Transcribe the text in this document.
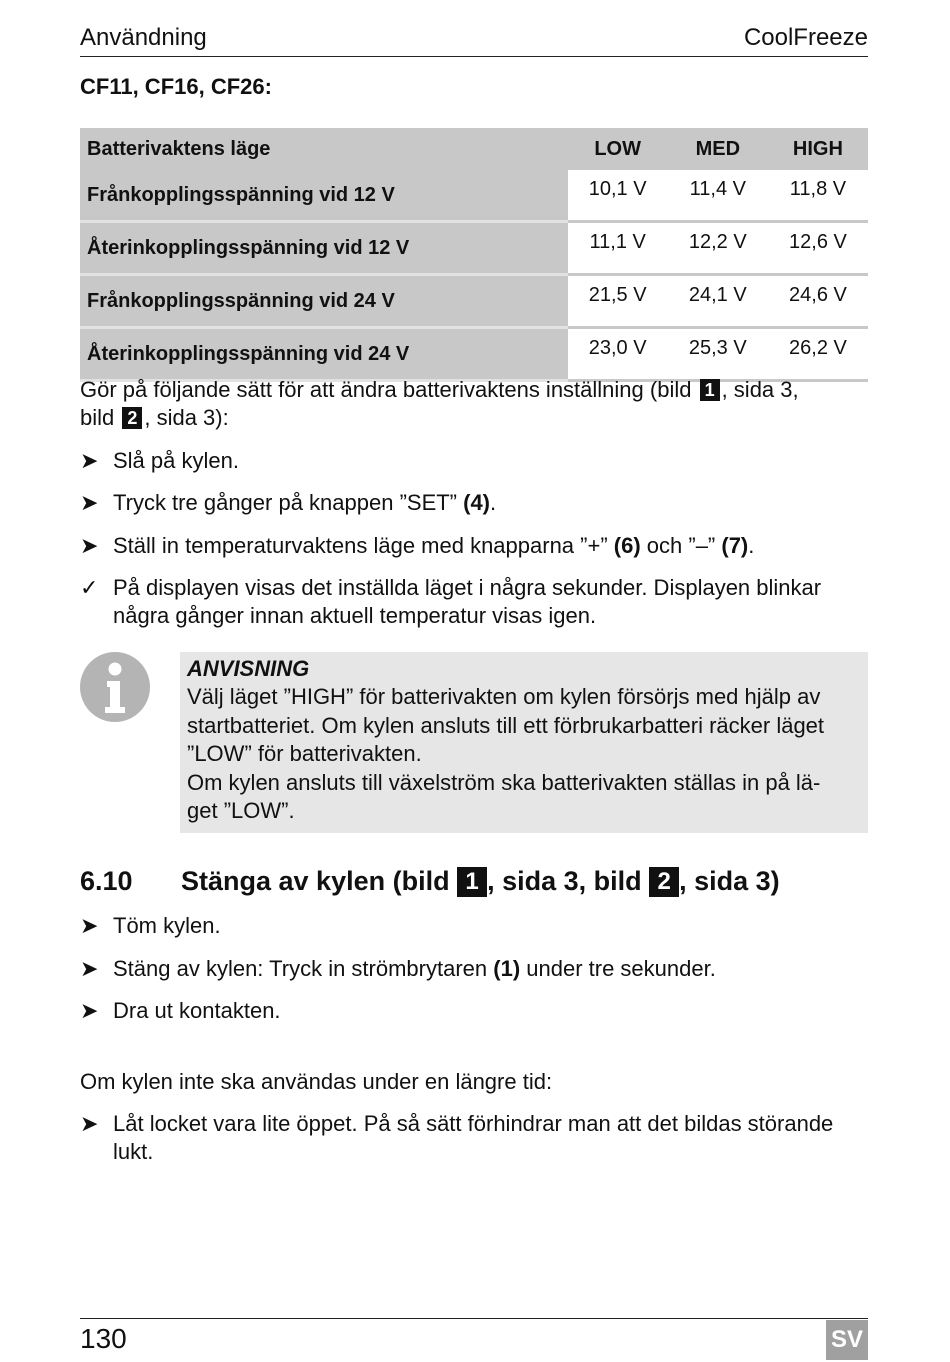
Användning	CoolFreeze
CF11, CF16, CF26:
Batterivaktens läge	LOW	MED	HIGH
Frånkopplingsspänning vid 12 V	10,1 V	11,4 V	11,8 V
Återinkopplingsspänning vid 12 V	11,1 V	12,2 V	12,6 V
Frånkopplingsspänning vid 24 V	21,5 V	24,1 V	24,6 V
Återinkopplingsspänning vid 24 V	23,0 V	25,3 V	26,2 V
Gör på följande sätt för att ändra batterivaktens inställning (bild 1 , sida 3,
bild 2 , sida 3):
➤ Slå på kylen.
➤ Tryck tre gånger på knappen ”SET” (4).
➤ Ställ in temperaturvaktens läge med knapparna ”+” (6) och ”–” (7).
✓ På displayen visas det inställda läget i några sekunder. Displayen blinkar
några gånger innan aktuell temperatur visas igen.
ANVISNING
Välj läget ”HIGH” för batterivakten om kylen försörjs med hjälp av
startbatteriet. Om kylen ansluts till ett förbrukarbatteri räcker läget
”LOW” för batterivakten.
Om kylen ansluts till växelström ska batterivakten ställas in på lä-
get ”LOW”.
6.10 Stänga av kylen (bild 1 , sida 3, bild 2 , sida 3)
➤ Töm kylen.
➤ Stäng av kylen: Tryck in strömbrytaren (1) under tre sekunder.
➤ Dra ut kontakten.
Om kylen inte ska användas under en längre tid:
➤ Låt locket vara lite öppet. På så sätt förhindrar man att det bildas störande
lukt.
130	SV
